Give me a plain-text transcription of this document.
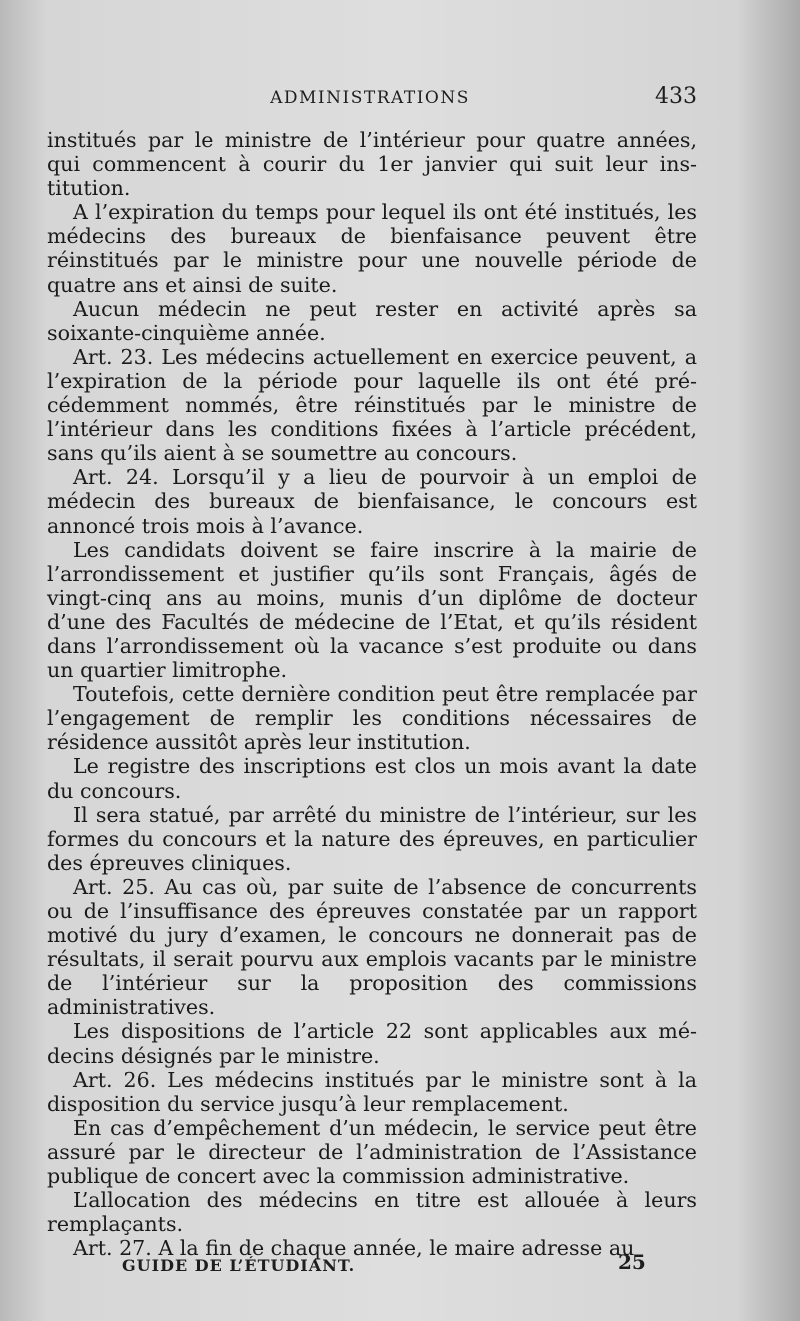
ADMINISTRATIONS	433

institués par le ministre de l’intérieur pour quatre années, qui commencent à courir du 1er janvier qui suit leur institution.

A l’expiration du temps pour lequel ils ont été institués, les médecins des bureaux de bienfaisance peuvent être réinstitués par le ministre pour une nouvelle période de quatre ans et ainsi de suite.

Aucun médecin ne peut rester en activité après sa soixante-cinquième année.

Art. 23. Les médecins actuellement en exercice peuvent, a l’expiration de la période pour laquelle ils ont été précédemment nommés, être réinstitués par le ministre de l’intérieur dans les conditions fixées à l’article précédent, sans qu’ils aient à se soumettre au concours.

Art. 24. Lorsqu’il y a lieu de pourvoir à un emploi de médecin des bureaux de bienfaisance, le concours est annoncé trois mois à l’avance.

Les candidats doivent se faire inscrire à la mairie de l’arrondissement et justifier qu’ils sont Français, âgés de vingt-cinq ans au moins, munis d’un diplôme de docteur d’une des Facultés de médecine de l’Etat, et qu’ils résident dans l’arrondissement où la vacance s’est produite ou dans un quartier limitrophe.

Toutefois, cette dernière condition peut être remplacée par l’engagement de remplir les conditions nécessaires de résidence aussitôt après leur institution.

Le registre des inscriptions est clos un mois avant la date du concours.

Il sera statué, par arrêté du ministre de l’intérieur, sur les formes du concours et la nature des épreuves, en particulier des épreuves cliniques.

Art. 25. Au cas où, par suite de l’absence de concurrents ou de l’insuffisance des épreuves constatée par un rapport motivé du jury d’examen, le concours ne donnerait pas de résultats, il serait pourvu aux emplois vacants par le ministre de l’intérieur sur la proposition des commissions administratives.

Les dispositions de l’article 22 sont applicables aux médecins désignés par le ministre.

Art. 26. Les médecins institués par le ministre sont à la disposition du service jusqu’à leur remplacement.

En cas d’empêchement d’un médecin, le service peut être assuré par le directeur de l’administration de l’Assistance publique de concert avec la commission administrative.

L’allocation des médecins en titre est allouée à leurs remplaçants.

Art. 27. A la fin de chaque année, le maire adresse au

GUIDE DE L’ÉTUDIANT.	25
